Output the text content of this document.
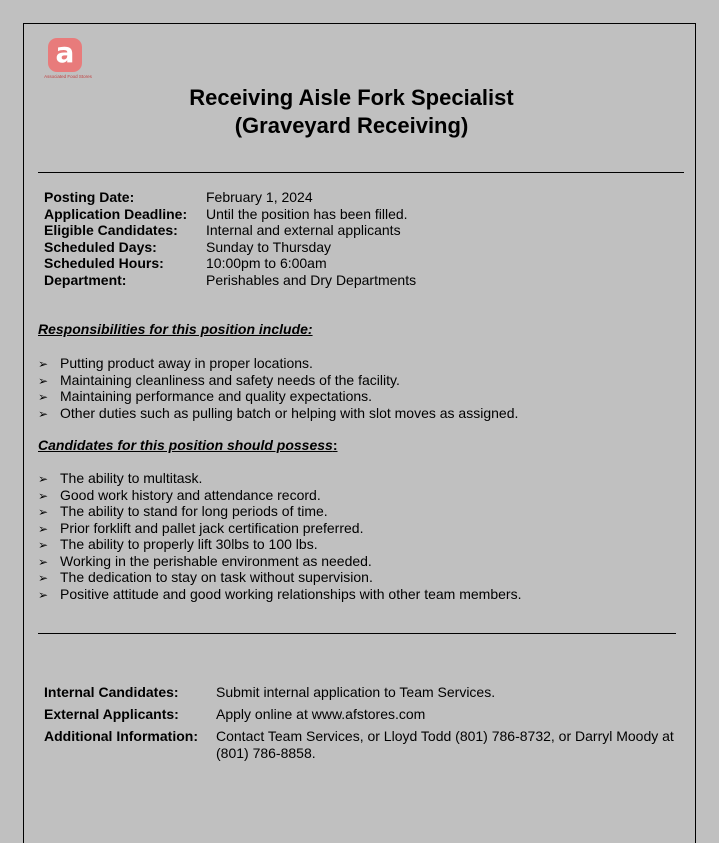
a
Associated Food Stores
Receiving Aisle Fork Specialist
(Graveyard Receiving)
Posting Date:	February 1, 2024
Application Deadline: Until the position has been filled.
Eligible Candidates: Internal and external applicants
Scheduled Days:	Sunday to Thursday
Scheduled Hours:	10:00pm to 6:00am
Department:	Perishables and Dry Departments
Responsibilities for this position include:
➢ Putting product away in proper locations.
➢ Maintaining cleanliness and safety needs of the facility.
➢ Maintaining performance and quality expectations.
➢ Other duties such as pulling batch or helping with slot moves as assigned.
Candidates for this position should possess:
➢ The ability to multitask.
➢ Good work history and attendance record.
➢ The ability to stand for long periods of time.
➢ Prior forklift and pallet jack certification preferred.
➢ The ability to properly lift 30lbs to 100 lbs.
➢ Working in the perishable environment as needed.
➢ The dedication to stay on task without supervision.
➢ Positive attitude and good working relationships with other team members.
Internal Candidates:	Submit internal application to Team Services.
External Applicants:	Apply online at www.afstores.com
Additional Information:	Contact Team Services, or Lloyd Todd (801) 786-8732, or Darryl Moody at (801) 786-8858.
